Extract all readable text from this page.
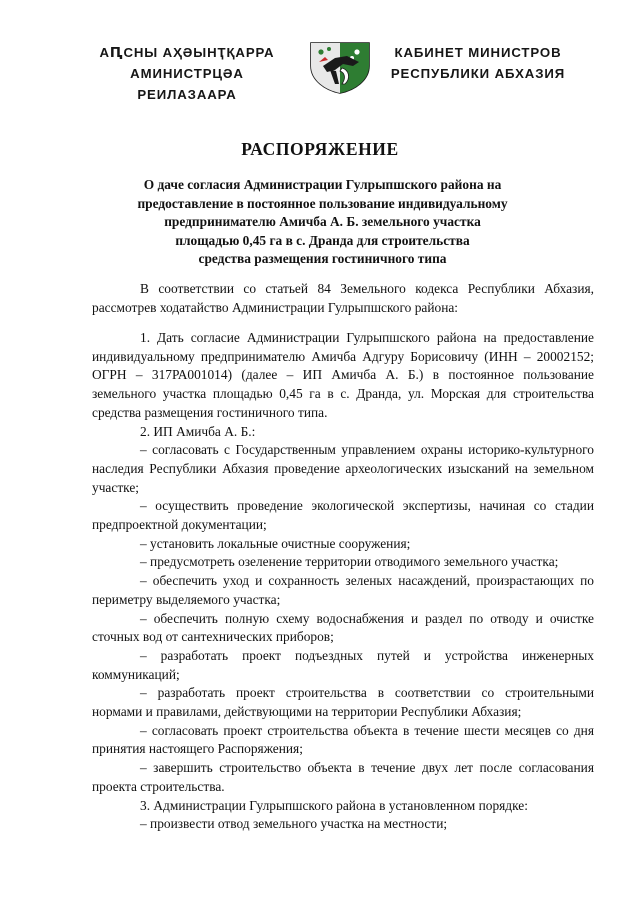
АԤСНЫ АҲӘЫНҬҚАРРА
АМИНИСТРЦӘА РЕИЛАЗААРА
КАБИНЕТ МИНИСТРОВ
РЕСПУБЛИКИ АБХАЗИЯ
РАСПОРЯЖЕНИЕ
О даче согласия Администрации Гулрыпшского района на
предоставление в постоянное пользование индивидуальному
предпринимателю Амичба А. Б. земельного участка
площадью 0,45 га в с. Дранда для строительства
средства размещения гостиничного типа

В соответствии со статьей 84 Земельного кодекса Республики Абхазия, рассмотрев ходатайство Администрации Гулрыпшского района:

1. Дать согласие Администрации Гулрыпшского района на предоставление индивидуальному предпринимателю Амичба Адгуру Борисовичу (ИНН – 20002152; ОГРН – 317РА001014) (далее – ИП Амичба А. Б.) в постоянное пользование земельного участка площадью 0,45 га в с. Дранда, ул. Морская для строительства средства размещения гостиничного типа.

2. ИП Амичба А. Б.:

– согласовать с Государственным управлением охраны историко-культурного наследия Республики Абхазия проведение археологических изысканий на земельном участке;

– осуществить проведение экологической экспертизы, начиная со стадии предпроектной документации;

– установить локальные очистные сооружения;

– предусмотреть озеленение территории отводимого земельного участка;

– обеспечить уход и сохранность зеленых насаждений, произрастающих по периметру выделяемого участка;

– обеспечить полную схему водоснабжения и раздел по отводу и очистке сточных вод от сантехнических приборов;

– разработать проект подъездных путей и устройства инженерных коммуникаций;

– разработать проект строительства в соответствии со строительными нормами и правилами, действующими на территории Республики Абхазия;

– согласовать проект строительства объекта в течение шести месяцев со дня принятия настоящего Распоряжения;

– завершить строительство объекта в течение двух лет после согласования проекта строительства.

3. Администрации Гулрыпшского района в установленном порядке:

– произвести отвод земельного участка на местности;
